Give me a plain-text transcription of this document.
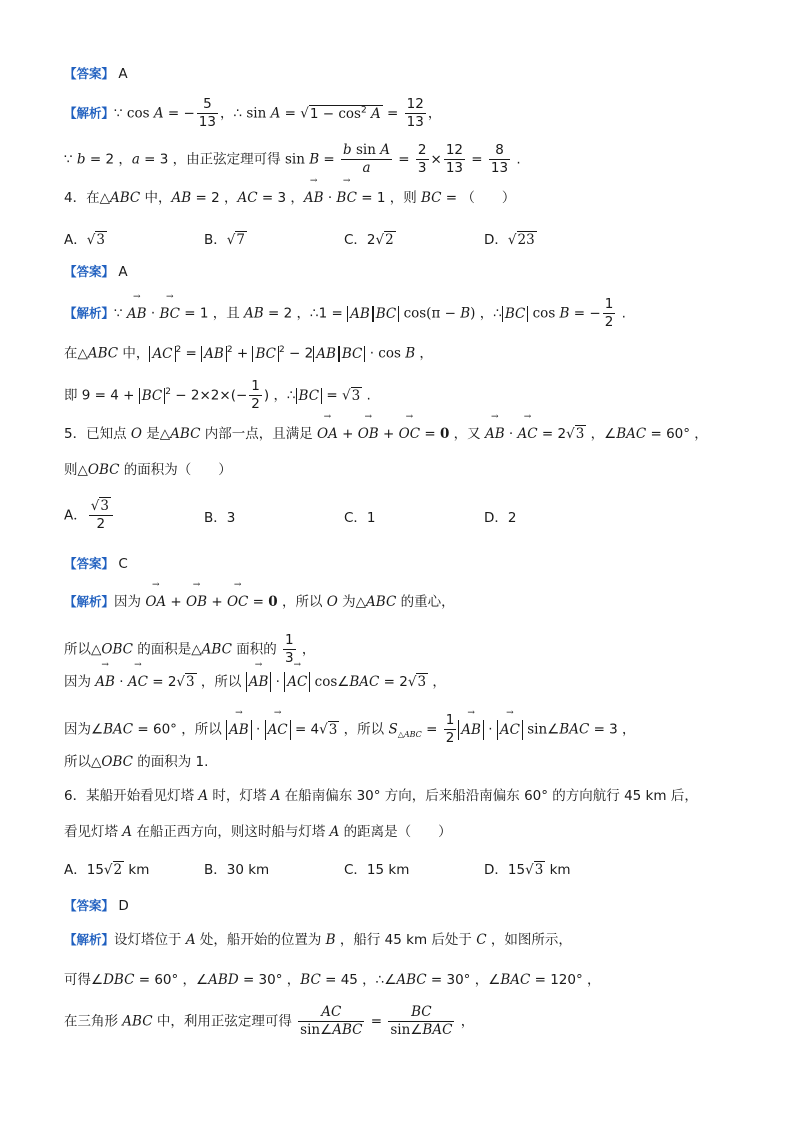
【答案】 A
【解析】∵ cos A = − $\frac{5}{13}$ ，∴ $\sin A = √1 - \cos^2 A = \frac{12}{13}$ ，
∵ b = 2 ，a = 3 ，由正弦定理可得 $\sin B = \frac{\text{b sin A}}{a} = \frac{2}{3} \times \frac{12}{13} = \frac{8}{13}$ .
4．在△ABC 中，AB = 2 ，AC = 3 ，→ AB · → BC = 1 ，则 BC = （　　）
A．√3	B．√7	C．2√2	D．√23
【答案】 A
【解析】∵ → AB · → BC = 1 ，且 AB = 2 ，∴1 = AB BC cos(π − B) ，∴ BC cos B = − $\frac{1}{2}$ .
在△ABC 中， AC $^2$ = AB $^2$ + BC $^2$ − 2 AB BC · cos B ，
即 9 = 4 + BC $^2 - 2\times 2\times(- \frac{1}{2}$ ) ，∴ BC = √3 .
5．已知点 O 是△ABC 内部一点，且满足 → OA + → OB + → OC = 0 ，又 → AB · → AC = 2√3 ，∠BAC = 60° ，
则△OBC 的面积为（　　）
A． $\frac{√3}{2}$	B．3	C．1	D．2
【答案】 C
【解析】因为 → OA + → OB + → OC = 0 ，所以 O 为△ABC 的重心，
所以△OBC 的面积是△ABC 面积的 $\frac{1}{3}$ ，
因为 → AB · → AC = 2√3 ，所以 → AB · → AC cos∠BAC = 2√3 ，
因为∠BAC = 60° ，所以 → AB · → AC = 4√3 ，所以 $S_{\triangle ABC} = \frac{1}{2}$
→ AB · → AC sin∠BAC = 3 ，
所以△OBC 的面积为 1.
6．某船开始看见灯塔 A 时，灯塔 A 在船南偏东 30° 方向，后来船沿南偏东 60° 的方向航行 45 km 后，
看见灯塔 A 在船正西方向，则这时船与灯塔 A 的距离是（　　）
A．15√2 km	B．30 km	C．15 km	D．15√3 km
【答案】 D
【解析】设灯塔位于 A 处，船开始的位置为 B ，船行 45 km 后处于 C ，如图所示，
可得∠DBC = 60° ，∠ABD = 30° ，BC = 45 ，∴∠ABC = 30° ，∠BAC = 120° ，
在三角形 ABC 中，利用正弦定理可得 $\frac{AC}{\text{sin∠ABC}} = \frac{BC}{\text{sin∠BAC}}$ ，
